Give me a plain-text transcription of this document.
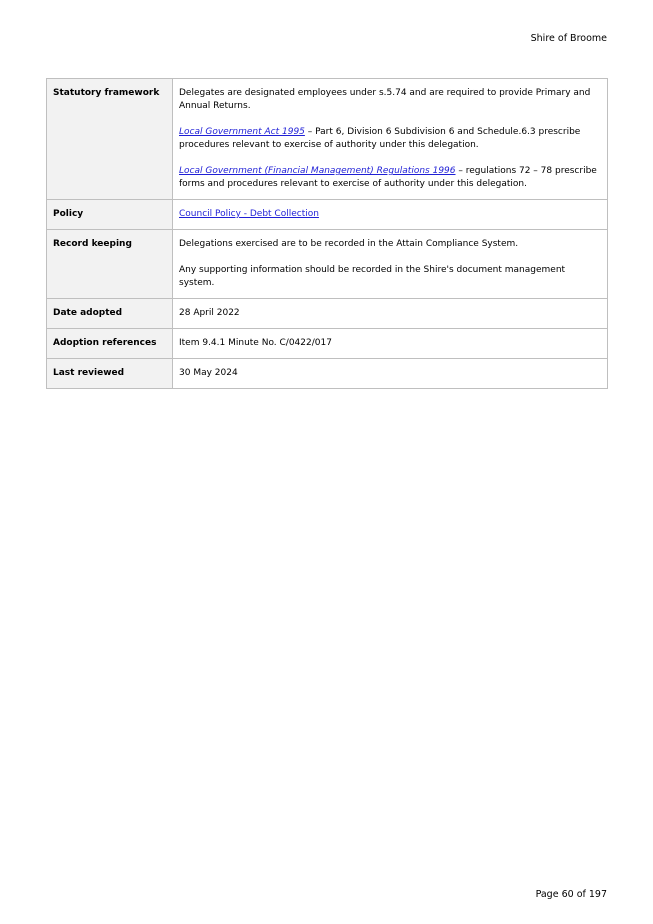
Shire of Broome
Statutory framework	Delegates are designated employees under s.5.74 and are required to provide Primary and Annual Returns.

Local Government Act 1995 – Part 6, Division 6 Subdivision 6 and Schedule.6.3 prescribe procedures relevant to exercise of authority under this delegation.

Local Government (Financial Management) Regulations 1996 – regulations 72 – 78 prescribe forms and procedures relevant to exercise of authority under this delegation.

Policy	Council Policy - Debt Collection
Record keeping	Delegations exercised are to be recorded in the Attain Compliance System.

Any supporting information should be recorded in the Shire's document management system.

Date adopted	28 April 2022
Adoption references	Item 9.4.1 Minute No. C/0422/017
Last reviewed	30 May 2024
Page 60 of 197
